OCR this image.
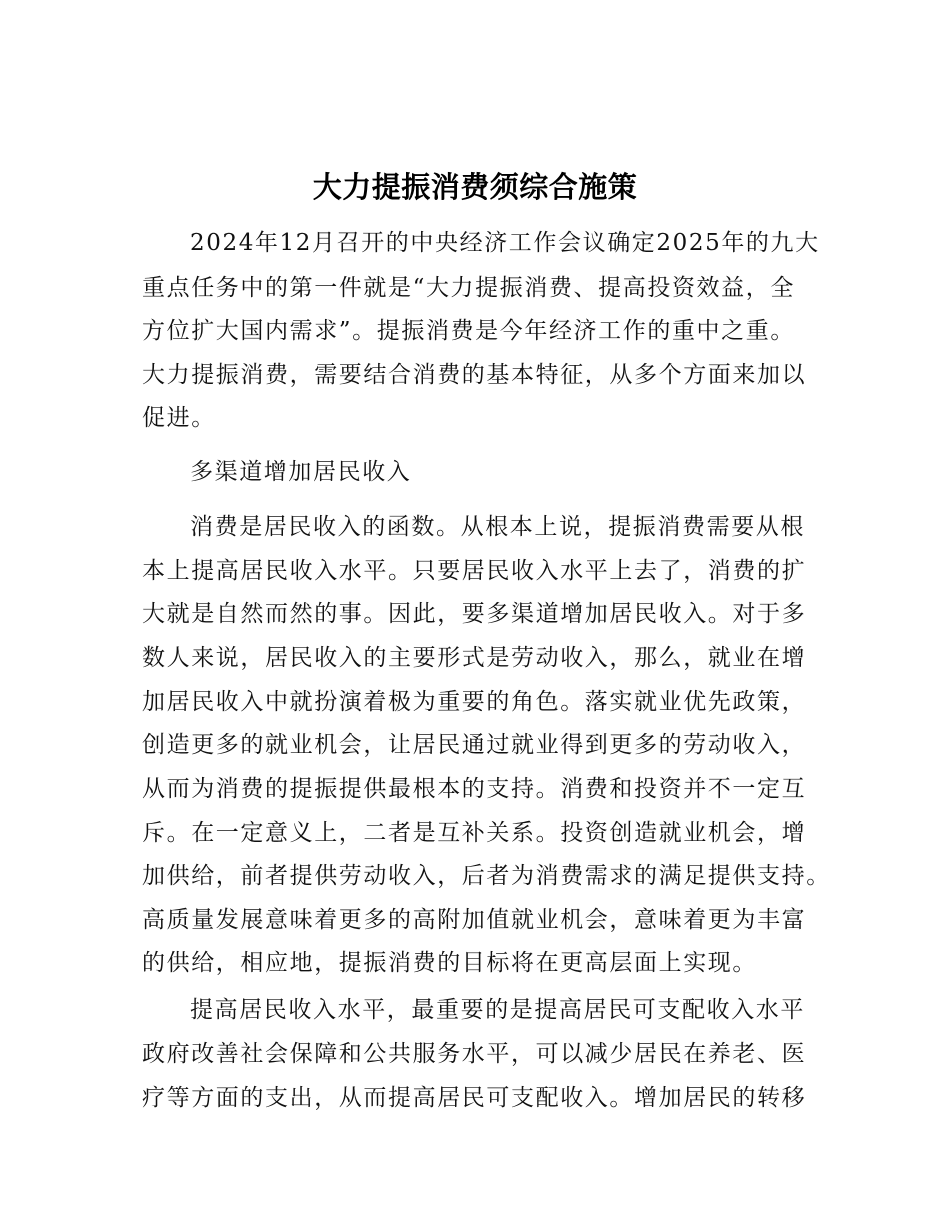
大力提振消费须综合施策
2024年12月召开的中央经济工作会议确定2025年的九大
重点任务中的第一件就是“大力提振消费、提高投资效益，全
方位扩大国内需求”。提振消费是今年经济工作的重中之重。
大力提振消费，需要结合消费的基本特征，从多个方面来加以
促进。
多渠道增加居民收入
消费是居民收入的函数。从根本上说，提振消费需要从根
本上提高居民收入水平。只要居民收入水平上去了，消费的扩
大就是自然而然的事。因此，要多渠道增加居民收入。对于多
数人来说，居民收入的主要形式是劳动收入，那么，就业在增
加居民收入中就扮演着极为重要的角色。落实就业优先政策，
创造更多的就业机会，让居民通过就业得到更多的劳动收入，
从而为消费的提振提供最根本的支持。消费和投资并不一定互
斥。在一定意义上，二者是互补关系。投资创造就业机会，增
加供给，前者提供劳动收入，后者为消费需求的满足提供支持。
高质量发展意味着更多的高附加值就业机会，意味着更为丰富
的供给，相应地，提振消费的目标将在更高层面上实现。
提高居民收入水平，最重要的是提高居民可支配收入水平
政府改善社会保障和公共服务水平，可以减少居民在养老、医
疗等方面的支出，从而提高居民可支配收入。增加居民的转移
